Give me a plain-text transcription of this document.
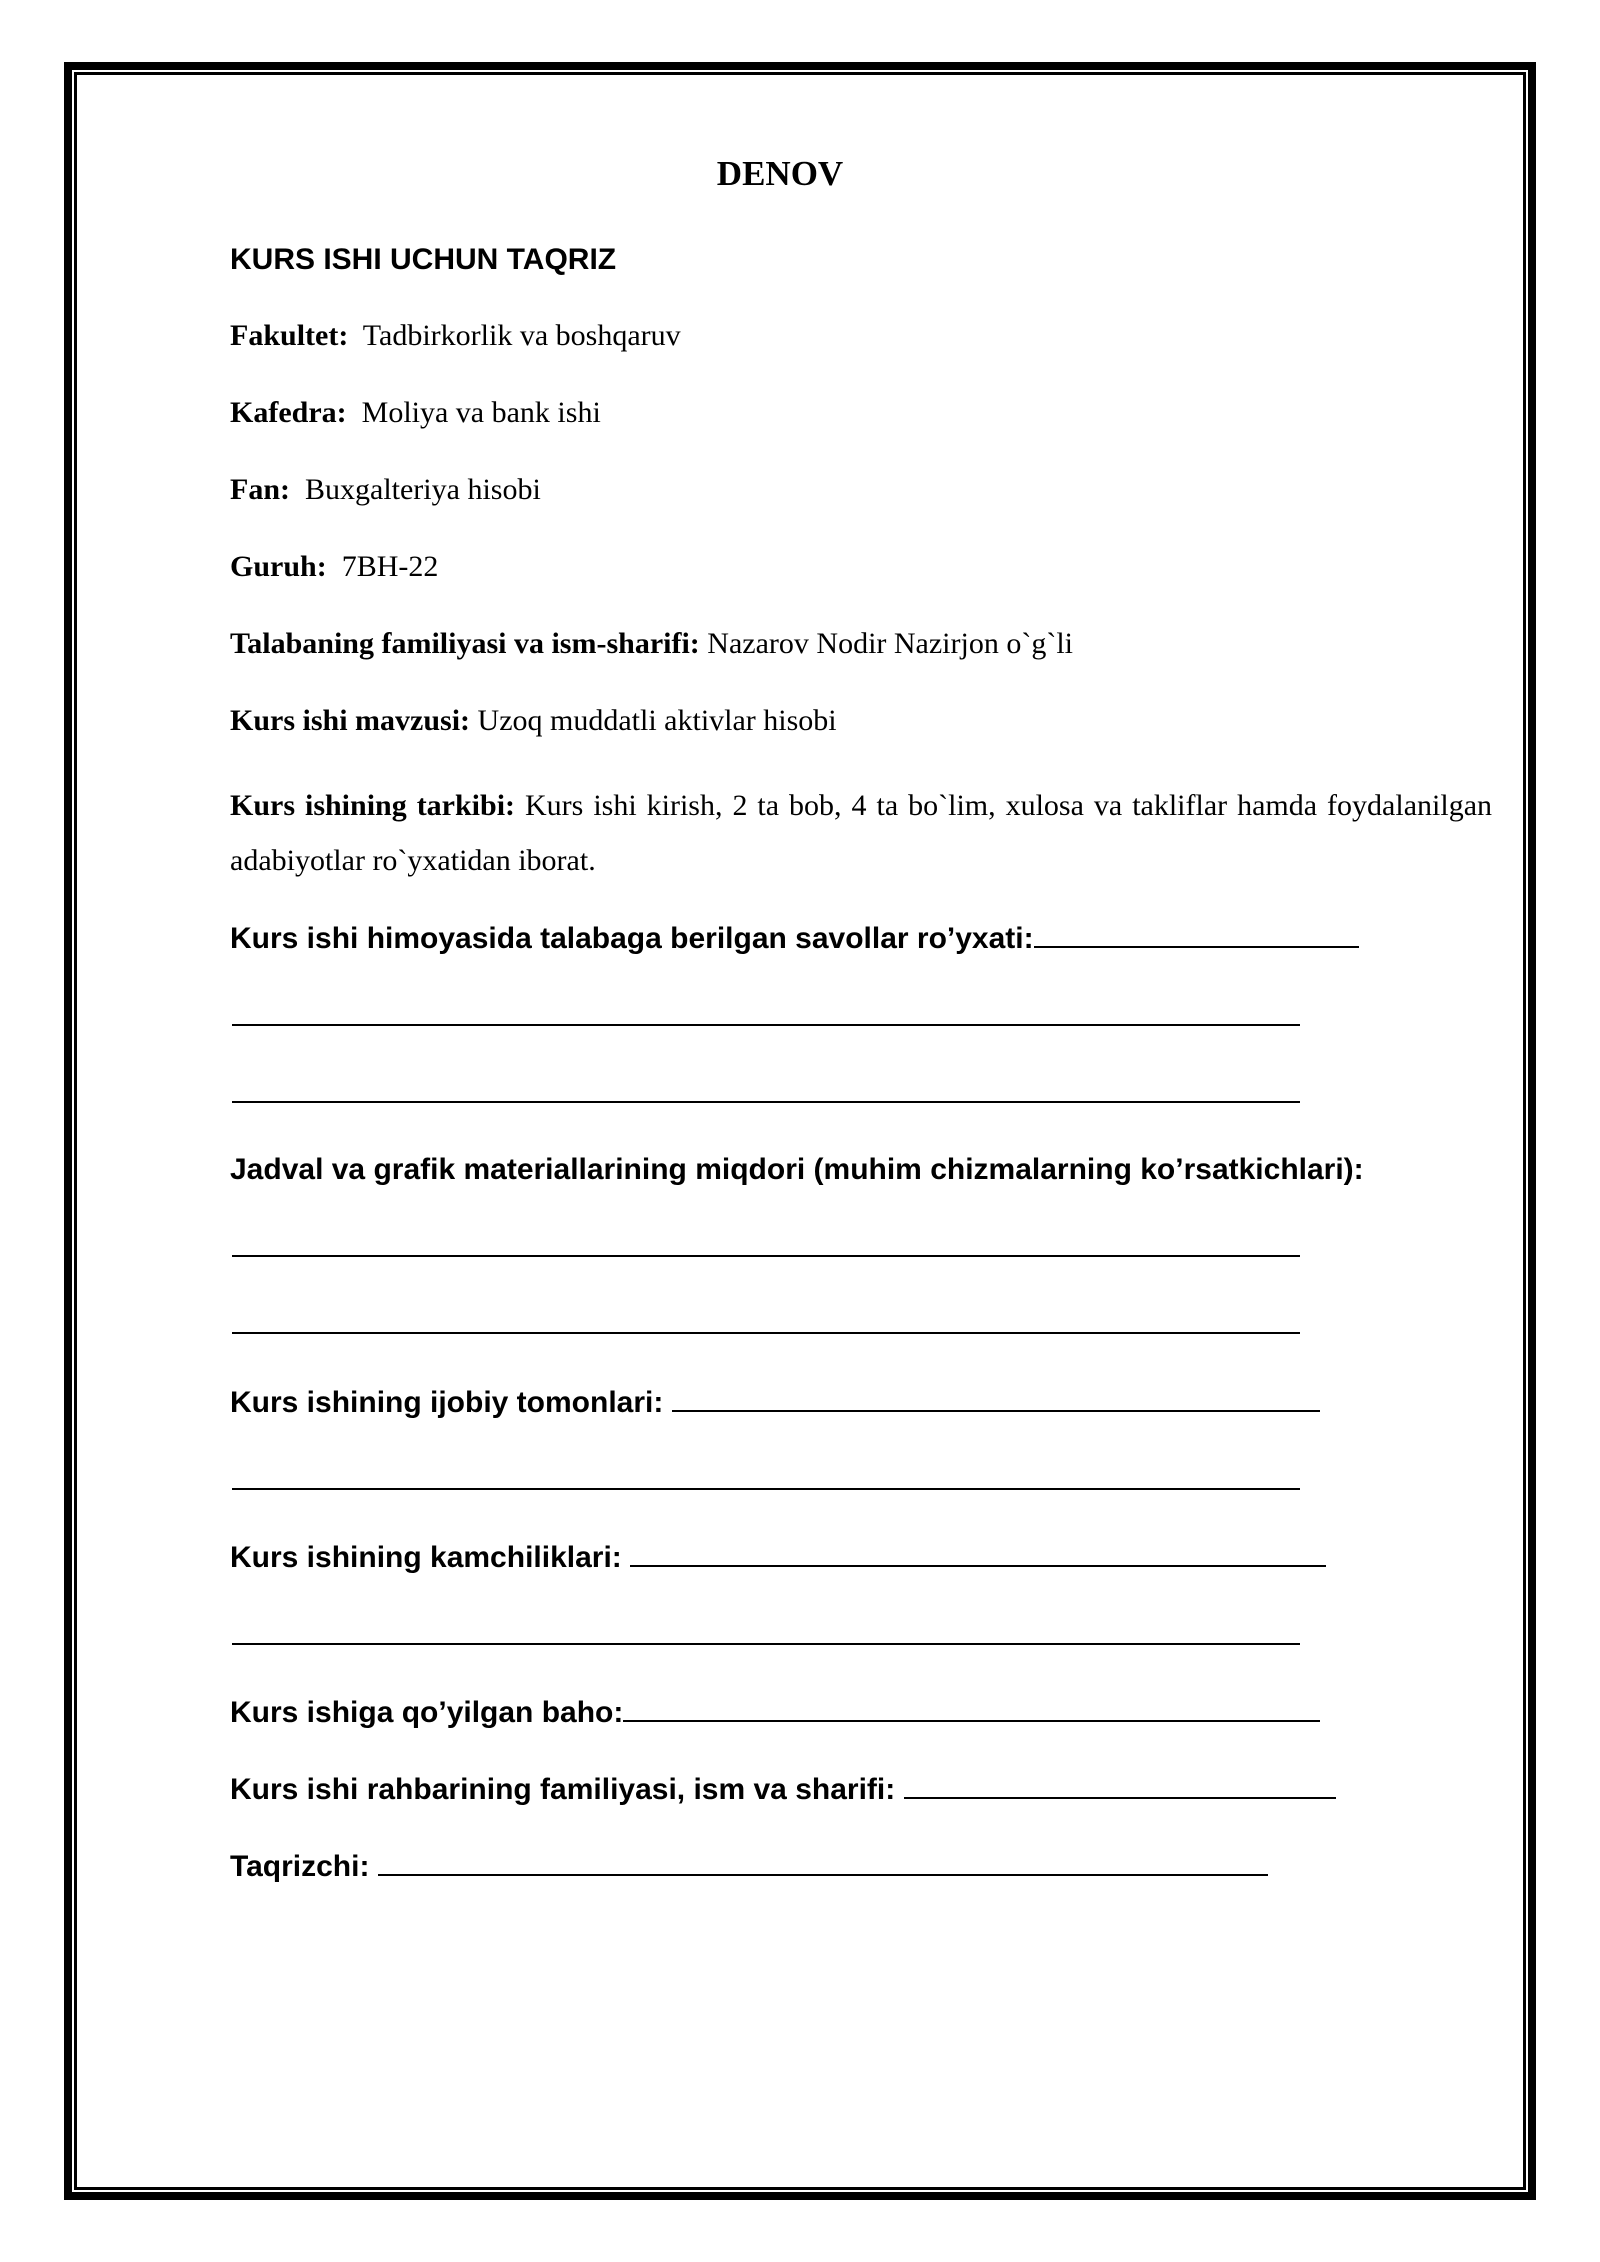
DENOV
KURS ISHI UCHUN TAQRIZ
Fakultet: Tadbirkorlik va boshqaruv
Kafedra: Moliya va bank ishi
Fan: Buxgalteriya hisobi
Guruh: 7BH-22
Talabaning familiyasi va ism-sharifi: Nazarov Nodir Nazirjon o`g`li
Kurs ishi mavzusi: Uzoq muddatli aktivlar hisobi
Kurs ishining tarkibi: Kurs ishi kirish, 2 ta bob, 4 ta bo`lim, xulosa va takliflar hamda foydalanilgan adabiyotlar ro`yxatidan iborat.
Kurs ishi himoyasida talabaga berilgan savollar ro’yxati:
Jadval va grafik materiallarining miqdori (muhim chizmalarning ko’rsatkichlari):
Kurs ishining ijobiy tomonlari:
Kurs ishining kamchiliklari:
Kurs ishiga qo’yilgan baho:
Kurs ishi rahbarining familiyasi, ism va sharifi:
Taqrizchi:
